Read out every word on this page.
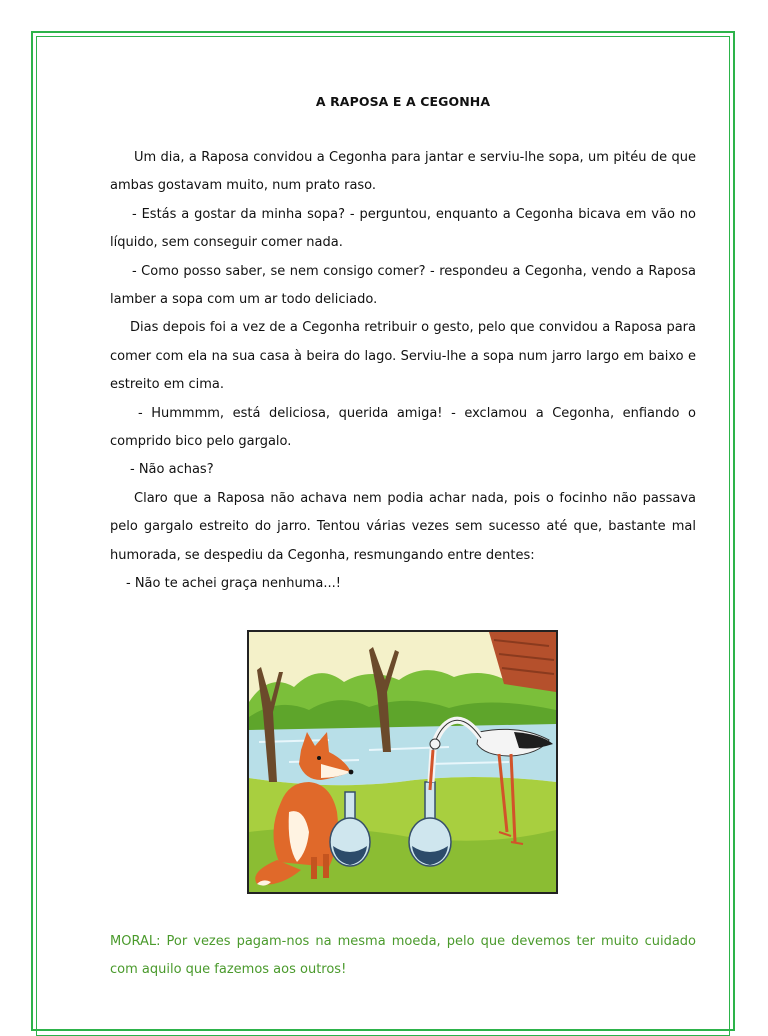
A RAPOSA E A CEGONHA

Um dia, a Raposa convidou a Cegonha para jantar e serviu-lhe sopa, um pitéu de que ambas gostavam muito, num prato raso.

- Estás a gostar da minha sopa? - perguntou, enquanto a Cegonha bicava em vão no líquido, sem conseguir comer nada.

- Como posso saber, se nem consigo comer? - respondeu a Cegonha, vendo a Raposa lamber a sopa com um ar todo deliciado.

Dias depois foi a vez de a Cegonha retribuir o gesto, pelo que convidou a Raposa para comer com ela na sua casa à beira do lago. Serviu-lhe a sopa num jarro largo em baixo e estreito em cima.

- Hummmm, está deliciosa, querida amiga! - exclamou a Cegonha, enfiando o comprido bico pelo gargalo.

- Não achas?

Claro que a Raposa não achava nem podia achar nada, pois o focinho não passava pelo gargalo estreito do jarro. Tentou várias vezes sem sucesso até que, bastante mal humorada, se despediu da Cegonha, resmungando entre dentes:

- Não te achei graça nenhuma...!

MORAL: Por vezes pagam-nos na mesma moeda, pelo que devemos ter muito cuidado com aquilo que fazemos aos outros!
